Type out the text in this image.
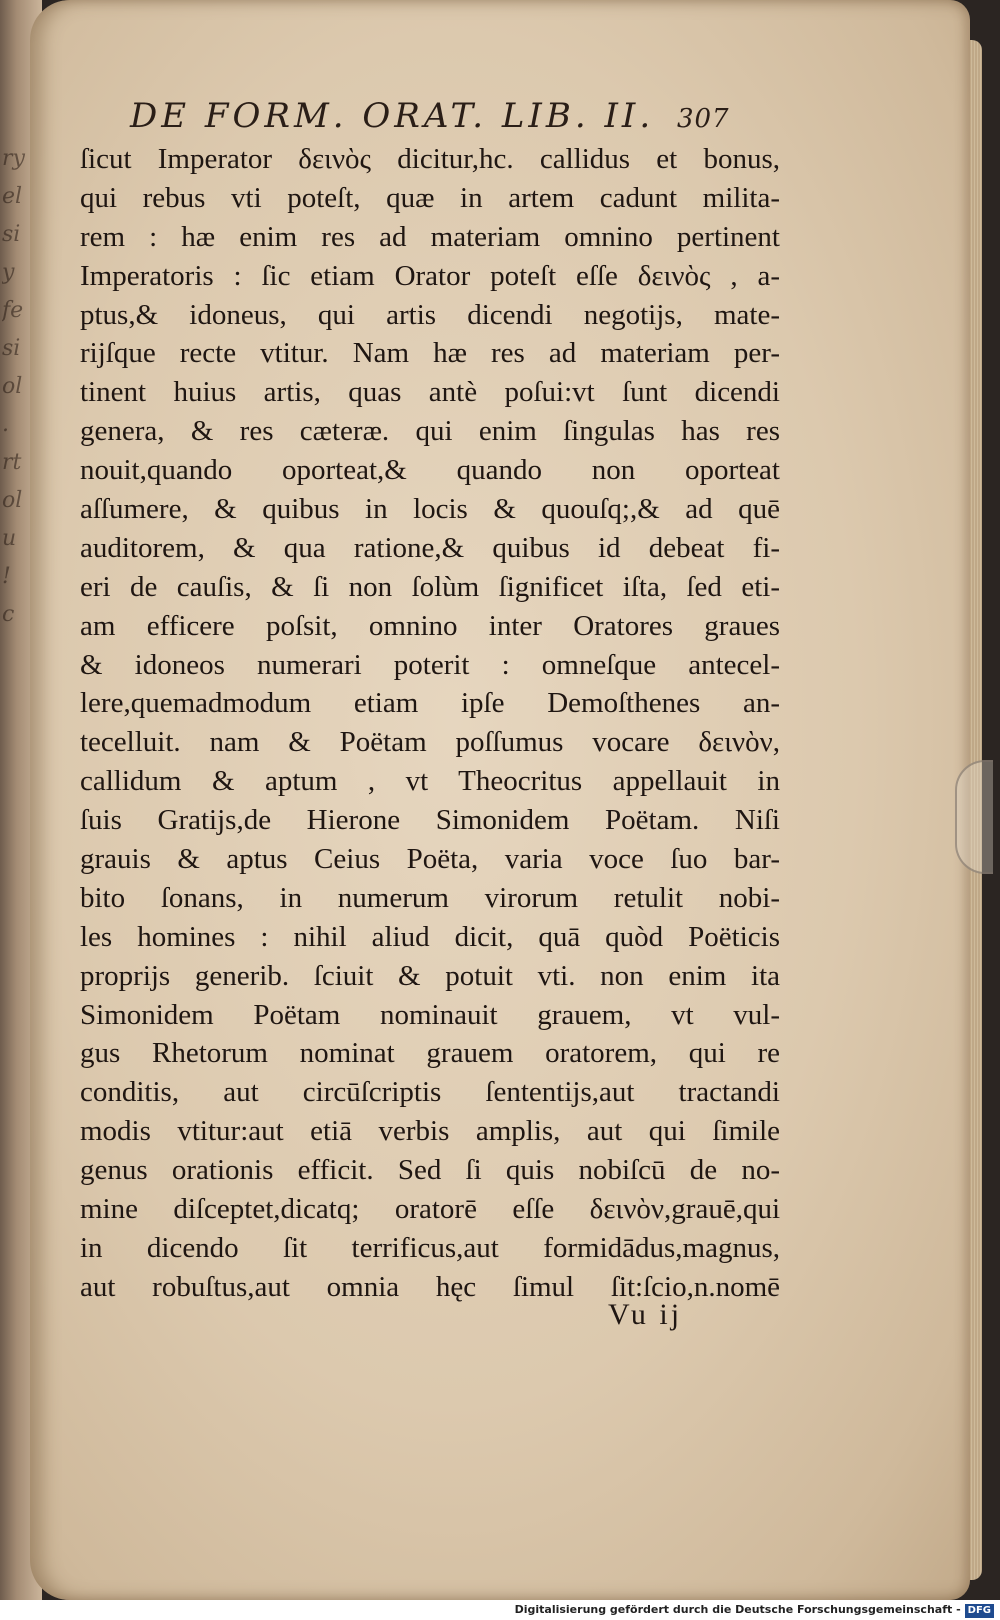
ry
el
si
y
fe
si
ol
.
rt
ol
u
!
c
DE FORM. ORAT. LIB. II. 307
ſicut Imperator δεινὸς dicitur,hc. callidus et bonus,
qui rebus vti poteſt, quæ in artem cadunt milita-
rem : hæ enim res ad materiam omnino pertinent
Imperatoris : ſic etiam Orator poteſt eſſe δεινὸς , a-
ptus,& idoneus, qui artis dicendi negotijs, mate-
rijſque recte vtitur. Nam hæ res ad materiam per-
tinent huius artis, quas antè poſui:vt ſunt dicendi
genera, & res cæteræ. qui enim ſingulas has res
nouit,quando oporteat,& quando non oporteat
aſſumere, & quibus in locis & quouſq;,& ad quē
auditorem, & qua ratione,& quibus id debeat fi-
eri de cauſis, & ſi non ſolùm ſignificet iſta, ſed eti-
am efficere poſsit, omnino inter Oratores graues
& idoneos numerari poterit : omneſque antecel-
lere,quemadmodum etiam ipſe Demoſthenes an-
tecelluit. nam & Poëtam poſſumus vocare δεινὸν,
callidum & aptum , vt Theocritus appellauit in
ſuis Gratijs,de Hierone Simonidem Poëtam. Niſi
grauis & aptus Ceius Poëta, varia voce ſuo bar-
bito ſonans, in numerum virorum retulit nobi-
les homines : nihil aliud dicit, quā quòd Poëticis
proprijs generib. ſciuit & potuit vti. non enim ita
Simonidem Poëtam nominauit grauem, vt vul-
gus Rhetorum nominat grauem oratorem, qui re
conditis, aut circūſcriptis ſententijs,aut tractandi
modis vtitur:aut etiā verbis amplis, aut qui ſimile
genus orationis efficit. Sed ſi quis nobiſcū de no-
mine diſceptet,dicatq; oratorē eſſe δεινὸν,grauē,qui
in dicendo ſit terrificus,aut formidādus,magnus,
aut robuſtus,aut omnia hęc ſimul ſit:ſcio,n.nomē
Vu ij
Digitalisierung gefördert durch die Deutsche Forschungsgemeinschaft - DFG
